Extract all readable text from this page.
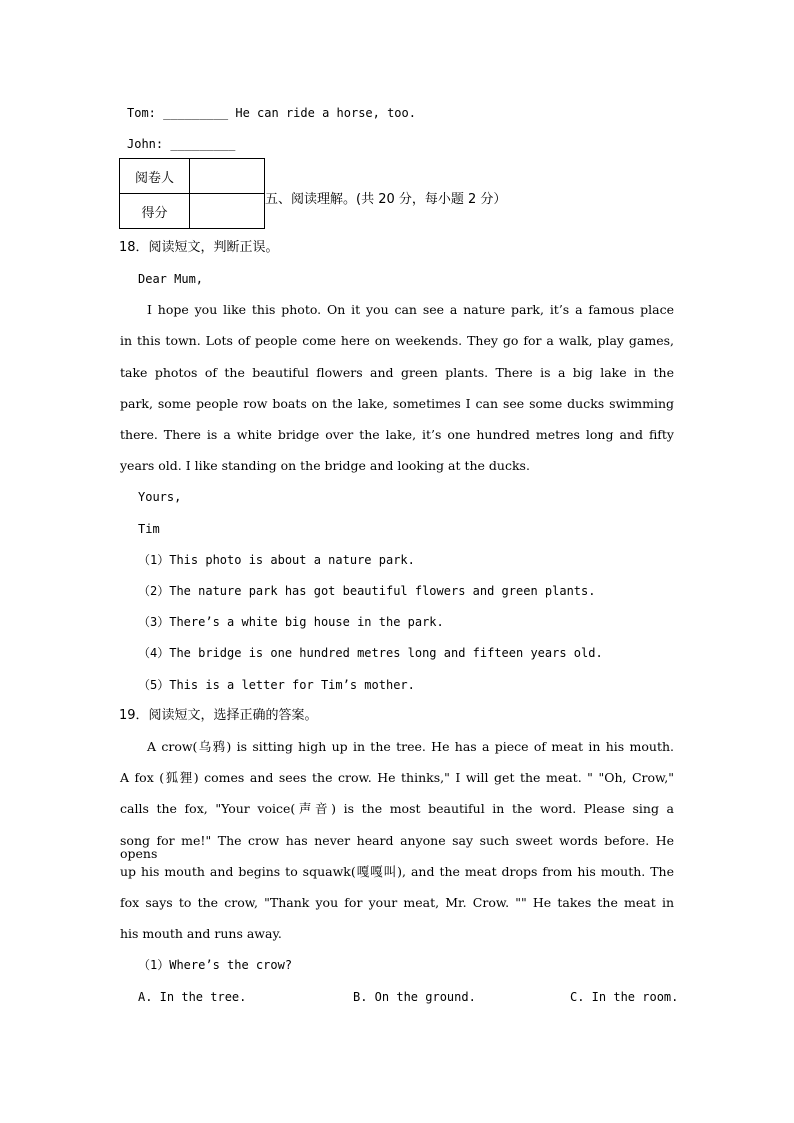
Tom: _________ He can ride a horse, too.
John: _________
阅卷人	
得分	
五、阅读理解。(共 20 分，每小题 2 分）
18．阅读短文，判断正误。
Dear Mum,
I hope you like this photo. On it you can see a nature park, it’s a famous place
in this town. Lots of people come here on weekends. They go for a walk, play games,
take photos of the beautiful flowers and green plants. There is a big lake in the
park, some people row boats on the lake, sometimes I can see some ducks swimming
there. There is a white bridge over the lake, it’s one hundred metres long and fifty
years old. I like standing on the bridge and looking at the ducks.
Yours,
Tim
（1）This photo is about a nature park.
（2）The nature park has got beautiful flowers and green plants.
（3）There’s a white big house in the park.
（4）The bridge is one hundred metres long and fifteen years old.
（5）This is a letter for Tim’s mother.
19．阅读短文，选择正确的答案。
A crow(乌鸦) is sitting high up in the tree. He has a piece of meat in his mouth.
A fox (狐狸) comes and sees the crow. He thinks," I will get the meat. " "Oh, Crow,"
calls the fox, "Your voice(声音) is the most beautiful in the word. Please sing a
song for me!" The crow has never heard anyone say such sweet words before. He opens
up his mouth and begins to squawk(嘎嘎叫), and the meat drops from his mouth. The
fox says to the crow, "Thank you for your meat, Mr. Crow. "" He takes the meat in
his mouth and runs away.
（1）Where’s the crow?
A. In the tree.	B. On the ground.	C. In the room.
